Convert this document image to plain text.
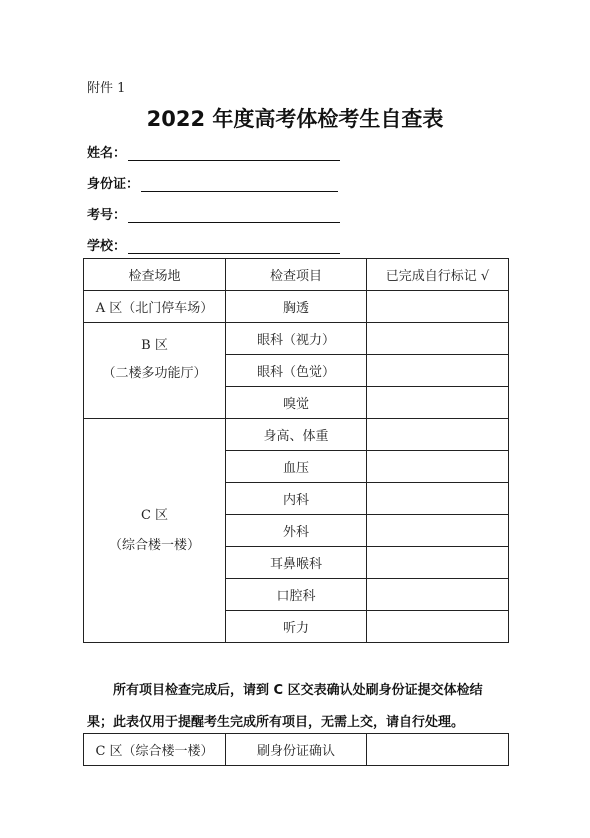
附件 1
2022 年度高考体检考生自查表
姓名：
身份证：
考号：
学校：
检查场地	检查项目	已完成自行标记 √
A 区（北门停车场）	胸透	

B 区
（二楼多功能厅）	眼科（视力）	
	眼科（色觉）	
	嗅觉	

C 区
（综合楼一楼）	身高、体重	
	血压	
	内科	
	外科	
	耳鼻喉科	
	口腔科	
	听力	
所有项目检查完成后，请到 C 区交表确认处刷身份证提交体检结果；此表仅用于提醒考生完成所有项目，无需上交，请自行处理。
C 区（综合楼一楼）	刷身份证确认	
